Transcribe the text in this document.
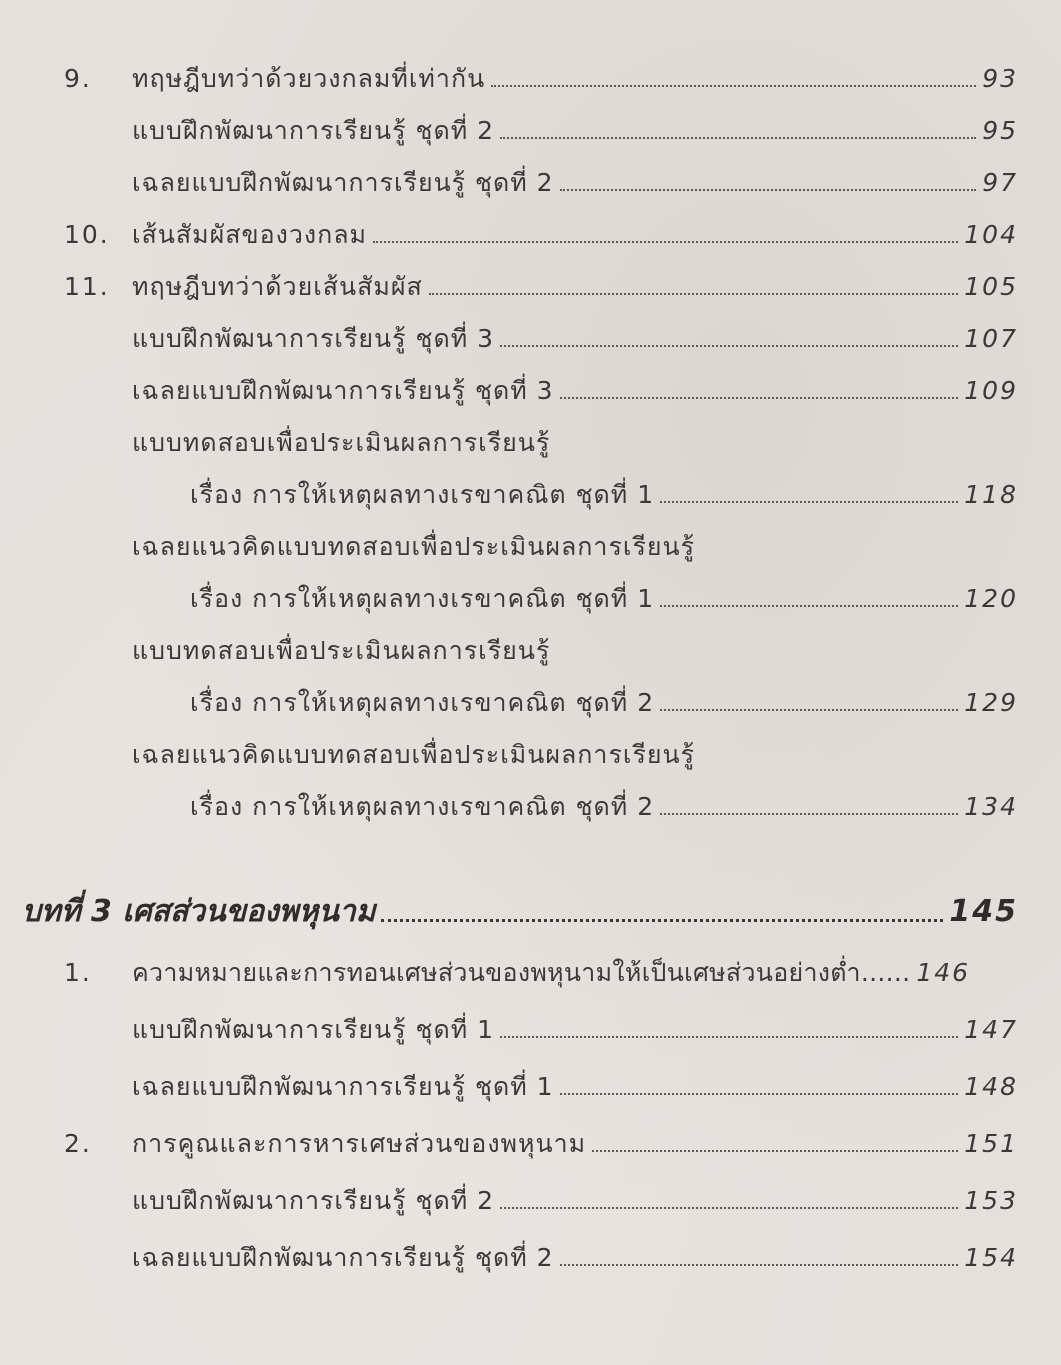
9. ทฤษฎีบทว่าด้วยวงกลมที่เท่ากัน	93
แบบฝึกพัฒนาการเรียนรู้ ชุดที่ 2	95
เฉลยแบบฝึกพัฒนาการเรียนรู้ ชุดที่ 2	97
10. เส้นสัมผัสของวงกลม	104
11. ทฤษฎีบทว่าด้วยเส้นสัมผัส	105
แบบฝึกพัฒนาการเรียนรู้ ชุดที่ 3	107
เฉลยแบบฝึกพัฒนาการเรียนรู้ ชุดที่ 3	109
แบบทดสอบเพื่อประเมินผลการเรียนรู้
เรื่อง การให้เหตุผลทางเรขาคณิต ชุดที่ 1	118
เฉลยแนวคิดแบบทดสอบเพื่อประเมินผลการเรียนรู้
เรื่อง การให้เหตุผลทางเรขาคณิต ชุดที่ 1	120
แบบทดสอบเพื่อประเมินผลการเรียนรู้
เรื่อง การให้เหตุผลทางเรขาคณิต ชุดที่ 2	129
เฉลยแนวคิดแบบทดสอบเพื่อประเมินผลการเรียนรู้
เรื่อง การให้เหตุผลทางเรขาคณิต ชุดที่ 2	134
บทที่ 3 เศสส่วนของพหุนาม	145
1. ความหมายและการทอนเศษส่วนของพหุนามให้เป็นเศษส่วนอย่างต่ำ...... 146
แบบฝึกพัฒนาการเรียนรู้ ชุดที่ 1	147
เฉลยแบบฝึกพัฒนาการเรียนรู้ ชุดที่ 1	148
2. การคูณและการหารเศษส่วนของพหุนาม	151
แบบฝึกพัฒนาการเรียนรู้ ชุดที่ 2	153
เฉลยแบบฝึกพัฒนาการเรียนรู้ ชุดที่ 2	154
